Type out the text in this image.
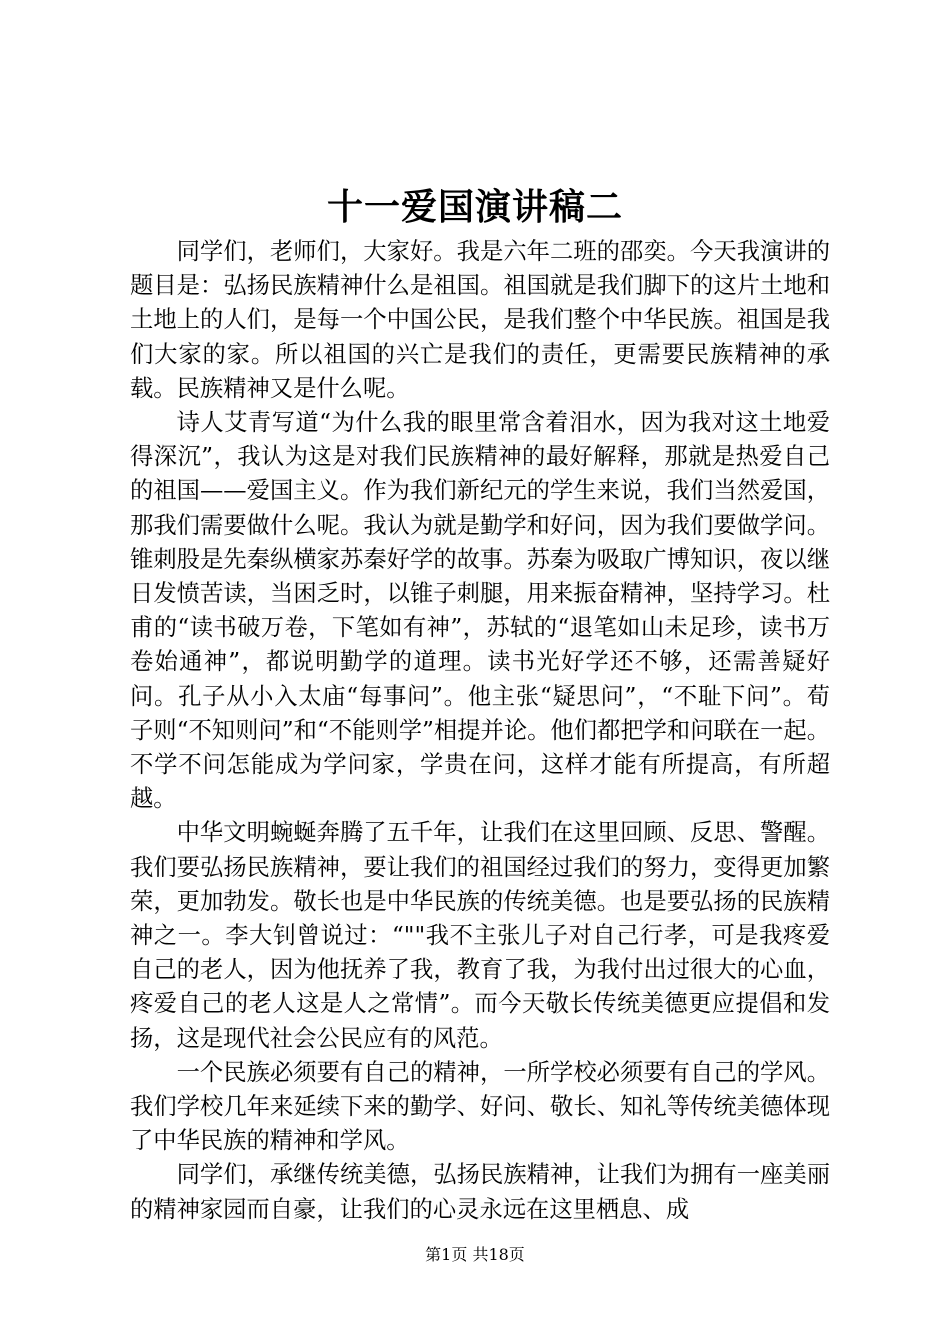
十一爱国演讲稿二

同学们，老师们，大家好。我是六年二班的邵奕。今天我演讲的题目是：弘扬民族精神什么是祖国。祖国就是我们脚下的这片土地和土地上的人们，是每一个中国公民，是我们整个中华民族。祖国是我们大家的家。所以祖国的兴亡是我们的责任，更需要民族精神的承载。民族精神又是什么呢。

诗人艾青写道“为什么我的眼里常含着泪水，因为我对这土地爱得深沉”，我认为这是对我们民族精神的最好解释，那就是热爱自己的祖国——爱国主义。作为我们新纪元的学生来说，我们当然爱国，那我们需要做什么呢。我认为就是勤学和好问，因为我们要做学问。锥刺股是先秦纵横家苏秦好学的故事。苏秦为吸取广博知识，夜以继日发愤苦读，当困乏时，以锥子刺腿，用来振奋精神，坚持学习。杜甫的“读书破万卷，下笔如有神”，苏轼的“退笔如山未足珍，读书万卷始通神”，都说明勤学的道理。读书光好学还不够，还需善疑好问。孔子从小入太庙“每事问”。他主张“疑思问”，“不耻下问”。荀子则“不知则问”和“不能则学”相提并论。他们都把学和问联在一起。不学不问怎能成为学问家，学贵在问，这样才能有所提高，有所超越。

中华文明蜿蜒奔腾了五千年，让我们在这里回顾、反思、警醒。我们要弘扬民族精神，要让我们的祖国经过我们的努力，变得更加繁荣，更加勃发。敬长也是中华民族的传统美德。也是要弘扬的民族精神之一。李大钊曾说过：“""我不主张儿子对自己行孝，可是我疼爱自己的老人，因为他抚养了我，教育了我，为我付出过很大的心血，疼爱自己的老人这是人之常情”。而今天敬长传统美德更应提倡和发扬，这是现代社会公民应有的风范。

一个民族必须要有自己的精神，一所学校必须要有自己的学风。我们学校几年来延续下来的勤学、好问、敬长、知礼等传统美德体现了中华民族的精神和学风。

同学们，承继传统美德，弘扬民族精神，让我们为拥有一座美丽的精神家园而自豪，让我们的心灵永远在这里栖息、成

第1页 共18页
